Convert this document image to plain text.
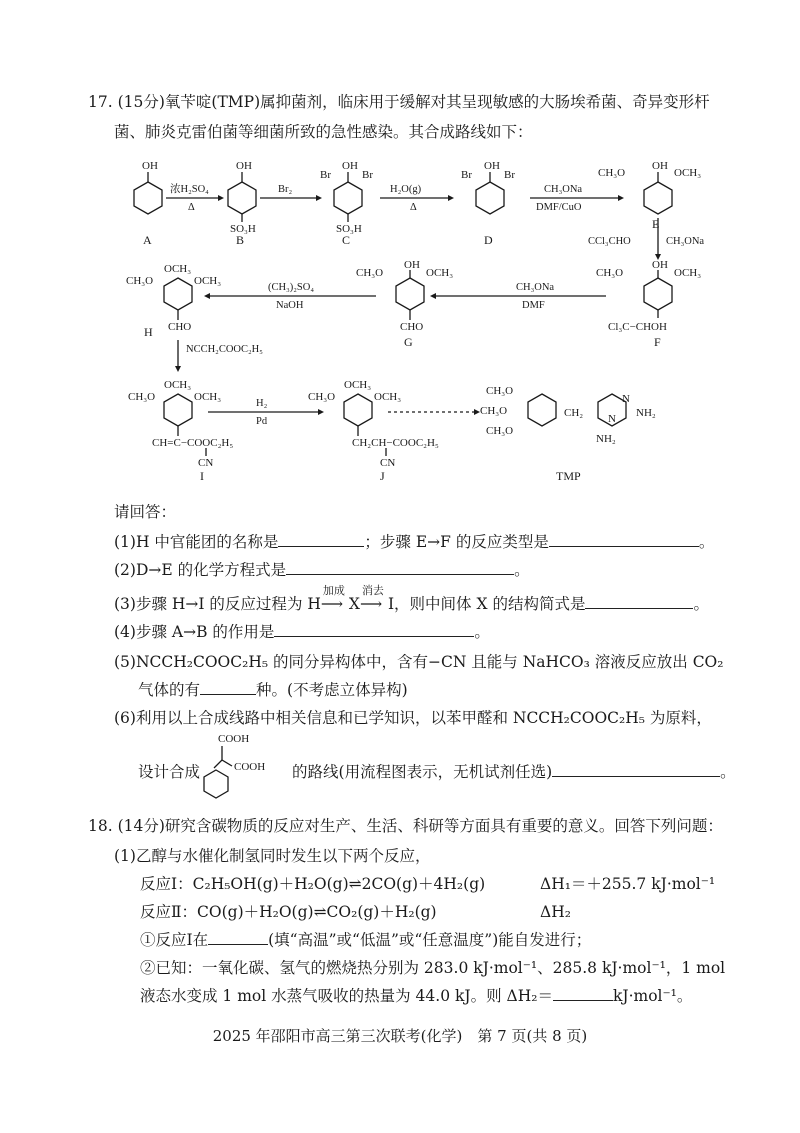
17. (15分)氧苄啶(TMP)属抑菌剂，临床用于缓解对其呈现敏感的大肠埃希菌、奇异变形杆
菌、肺炎克雷伯菌等细菌所致的急性感染。其合成路线如下：
OH
A
浓H₂SO₄
Δ
OH
SO₃H
B
Br₂
OH
Br	Br
SO₃H
C
H₂O(g)
Δ
OH
Br	Br
D
CH₃ONa
DMF/CuO
OH
CH₃O	OCH₃
E
CCl₃CHO	CH₃ONa
OCH₃
CH₃O	OCH₃
CHO
H
(CH₃)₂SO₄
NaOH
OH
CH₃O	OCH₃
CHO
G
CH₃ONa
DMF
OH
CH₃O	OCH₃
Cl₃C−CHOH
F
NCCH₂COOC₂H₅
OCH₃
CH₃O	OCH₃
CH=C−COOC₂H₅
CN
I
H₂
Pd
OCH₃
CH₃O	OCH₃
CH₂CH−COOC₂H₅
CN
J
CH₃O
CH₃O
CH₃O
CH₂
N
N NH₂
NH₂
TMP
请回答：
(1)H 中官能团的名称是	；步骤 E→F 的反应类型是	。
(2)D→E 的化学方程式是	。
(3)步骤 H→I 的反应过程为 H
加成
⟶ X
消去
⟶ I，则中间体 X 的结构简式是	。
(4)步骤 A→B 的作用是	。
(5)NCCH₂COOC₂H₅ 的同分异构体中，含有−CN 且能与 NaHCO₃ 溶液反应放出 CO₂
气体的有	种。(不考虑立体异构)
(6)利用以上合成线路中相关信息和已学知识，以苯甲醛和 NCCH₂COOC₂H₅ 为原料，
COOH
COOH
设计合成	的路线(用流程图表示，无机试剂任选)	。
18. (14分)研究含碳物质的反应对生产、生活、科研等方面具有重要的意义。回答下列问题：
(1)乙醇与水催化制氢同时发生以下两个反应，
反应Ⅰ：C₂H₅OH(g)＋H₂O(g)⇌2CO(g)＋4H₂(g)	ΔH₁＝＋255.7 kJ·mol⁻¹
反应Ⅱ：CO(g)＋H₂O(g)⇌CO₂(g)＋H₂(g)	ΔH₂
①反应Ⅰ在	(填“高温”或“低温”或“任意温度”)能自发进行；
②已知：一氧化碳、氢气的燃烧热分别为 283.0 kJ·mol⁻¹、285.8 kJ·mol⁻¹，1 mol
液态水变成 1 mol 水蒸气吸收的热量为 44.0 kJ。则 ΔH₂＝	kJ·mol⁻¹。
2025 年邵阳市高三第三次联考(化学)　第 7 页(共 8 页)
